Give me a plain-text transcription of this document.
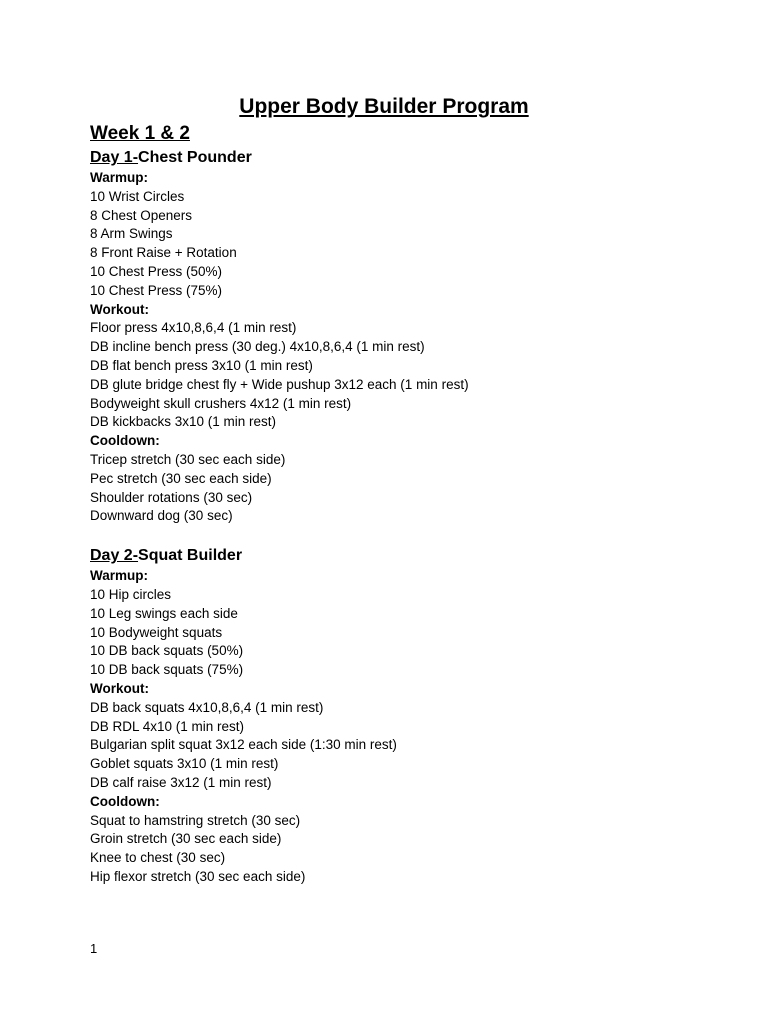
Upper Body Builder Program
Week 1 & 2
Day 1-Chest Pounder
Warmup:
10 Wrist Circles
8 Chest Openers
8 Arm Swings
8 Front Raise + Rotation
10 Chest Press (50%)
10 Chest Press (75%)
Workout:
Floor press 4x10,8,6,4 (1 min rest)
DB incline bench press (30 deg.) 4x10,8,6,4 (1 min rest)
DB flat bench press 3x10 (1 min rest)
DB glute bridge chest fly + Wide pushup 3x12 each (1 min rest)
Bodyweight skull crushers 4x12 (1 min rest)
DB kickbacks 3x10 (1 min rest)
Cooldown:
Tricep stretch (30 sec each side)
Pec stretch (30 sec each side)
Shoulder rotations (30 sec)
Downward dog (30 sec)
Day 2-Squat Builder
Warmup:
10 Hip circles
10 Leg swings each side
10 Bodyweight squats
10 DB back squats (50%)
10 DB back squats (75%)
Workout:
DB back squats 4x10,8,6,4 (1 min rest)
DB RDL 4x10 (1 min rest)
Bulgarian split squat 3x12 each side (1:30 min rest)
Goblet squats 3x10 (1 min rest)
DB calf raise 3x12 (1 min rest)
Cooldown:
Squat to hamstring stretch (30 sec)
Groin stretch (30 sec each side)
Knee to chest (30 sec)
Hip flexor stretch (30 sec each side)
1
